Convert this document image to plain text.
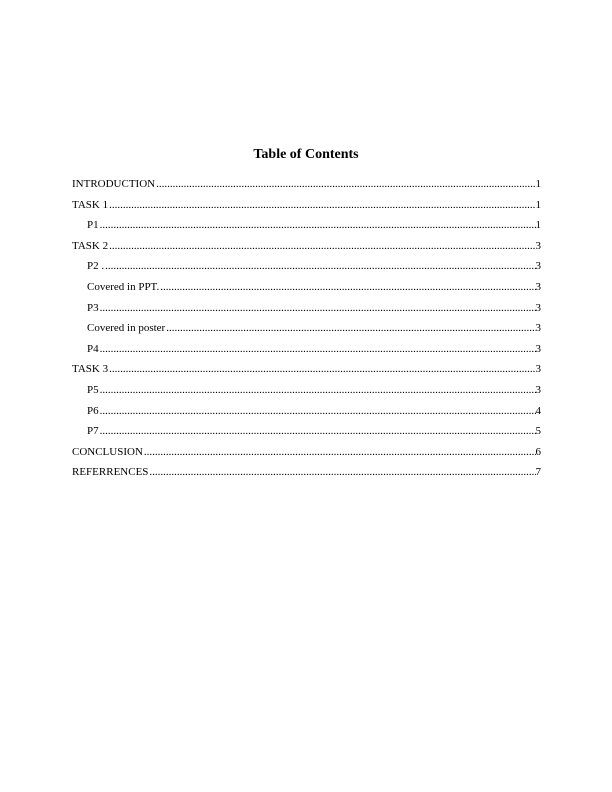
Table of Contents
INTRODUCTION .....	1
TASK 1 .....	1
P1 .....	1
TASK 2 .....	3
P2 . .....	3
Covered in PPT. .....	3
P3 .....	3
Covered in poster .....	3
P4 .....	3
TASK 3 .....	3
P5 .....	3
P6 .....	4
P7 .....	5
CONCLUSION .....	6
REFERRENCES .....	7
